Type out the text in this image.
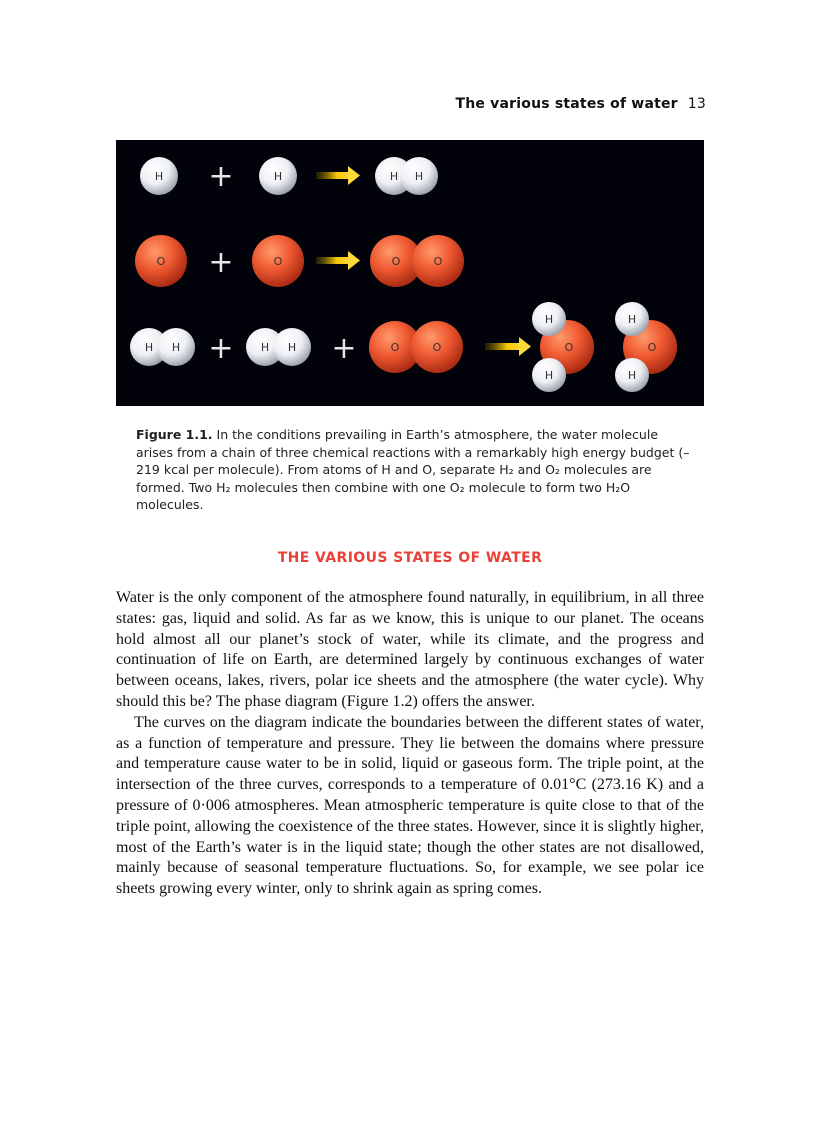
The various states of water 13
H +	H	H H
O +	O	O	O
H H + H H +	O	O	O
H
H
O
H
H
Figure 1.1. In the conditions prevailing in Earth’s atmosphere, the water molecule arises from a chain of three chemical reactions with a remarkably high energy budget (–219 kcal per molecule). From atoms of H and O, separate H₂ and O₂ molecules are formed. Two H₂ molecules then combine with one O₂ molecule to form two H₂O molecules.
THE VARIOUS STATES OF WATER

Water is the only component of the atmosphere found naturally, in equilibrium, in all three states: gas, liquid and solid. As far as we know, this is unique to our planet. The oceans hold almost all our planet’s stock of water, while its climate, and the progress and continuation of life on Earth, are determined largely by continuous exchanges of water between oceans, lakes, rivers, polar ice sheets and the atmosphere (the water cycle). Why should this be? The phase diagram (Figure 1.2) offers the answer.

The curves on the diagram indicate the boundaries between the different states of water, as a function of temperature and pressure. They lie between the domains where pressure and temperature cause water to be in solid, liquid or gaseous form. The triple point, at the intersection of the three curves, corresponds to a temperature of 0.01°C (273.16 K) and a pressure of 0·006 atmospheres. Mean atmospheric temperature is quite close to that of the triple point, allowing the coexistence of the three states. However, since it is slightly higher, most of the Earth’s water is in the liquid state; though the other states are not disallowed, mainly because of seasonal temperature fluctuations. So, for example, we see polar ice sheets growing every winter, only to shrink again as spring comes.
